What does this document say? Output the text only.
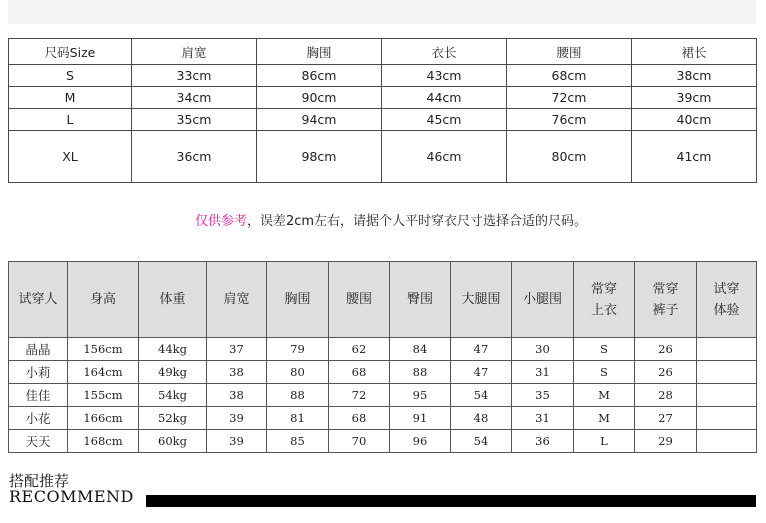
尺码Size	肩宽	胸围	衣长	腰围	裙长
S	33cm	86cm	43cm	68cm	38cm
M	34cm	90cm	44cm	72cm	39cm
L	35cm	94cm	45cm	76cm	40cm
XL	36cm	98cm	46cm	80cm	41cm
仅供参考，误差2cm左右，请据个人平时穿衣尺寸选择合适的尺码。
试穿人	身高	体重	肩宽	胸围	腰围	臀围	大腿围	小腿围	常穿上衣	常穿裤子	试穿体验
晶晶	156cm	44kg	37	79	62	84	47	30	S	26	
小莉	164cm	49kg	38	80	68	88	47	31	S	26	
佳佳	155cm	54kg	38	88	72	95	54	35	M	28	
小花	166cm	52kg	39	81	68	91	48	31	M	27	
天天	168cm	60kg	39	85	70	96	54	36	L	29	
搭配推荐
RECOMMEND
